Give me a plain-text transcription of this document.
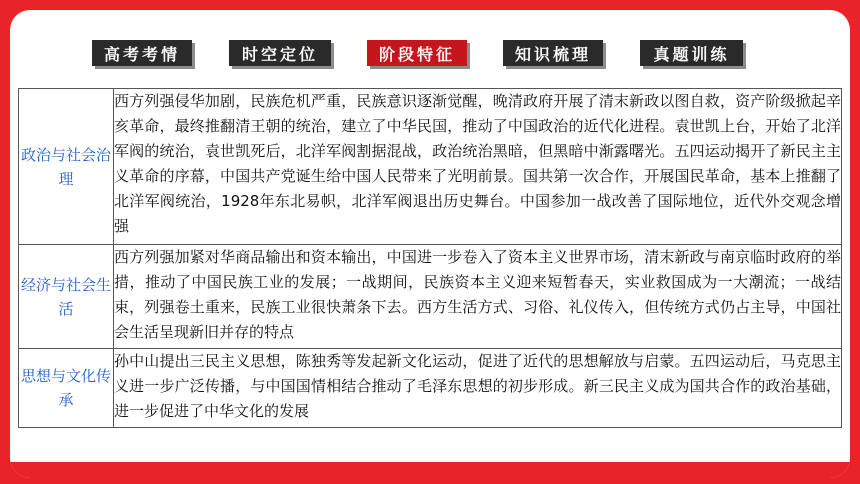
高考考情	时空定位	阶段特征	知识梳理	真题训练
政治与社会治理	西方列强侵华加剧，民族危机严重，民族意识逐渐觉醒，晚清政府开展了清末新政以图自救，资产阶级掀起辛亥革命，最终推翻清王朝的统治，建立了中华民国，推动了中国政治的近代化进程。袁世凯上台，开始了北洋军阀的统治，袁世凯死后，北洋军阀割据混战，政治统治黑暗，但黑暗中渐露曙光。五四运动揭开了新民主主义革命的序幕，中国共产党诞生给中国人民带来了光明前景。国共第一次合作，开展国民革命，基本上推翻了北洋军阀统治，1928年东北易帜，北洋军阀退出历史舞台。中国参加一战改善了国际地位，近代外交观念增强
经济与社会生活	西方列强加紧对华商品输出和资本输出，中国进一步卷入了资本主义世界市场，清末新政与南京临时政府的举措，推动了中国民族工业的发展；一战期间，民族资本主义迎来短暂春天，实业救国成为一大潮流；一战结束，列强卷土重来，民族工业很快萧条下去。西方生活方式、习俗、礼仪传入，但传统方式仍占主导，中国社会生活呈现新旧并存的特点
思想与文化传承	孙中山提出三民主义思想，陈独秀等发起新文化运动，促进了近代的思想解放与启蒙。五四运动后，马克思主义进一步广泛传播，与中国国情相结合推动了毛泽东思想的初步形成。新三民主义成为国共合作的政治基础，进一步促进了中华文化的发展
